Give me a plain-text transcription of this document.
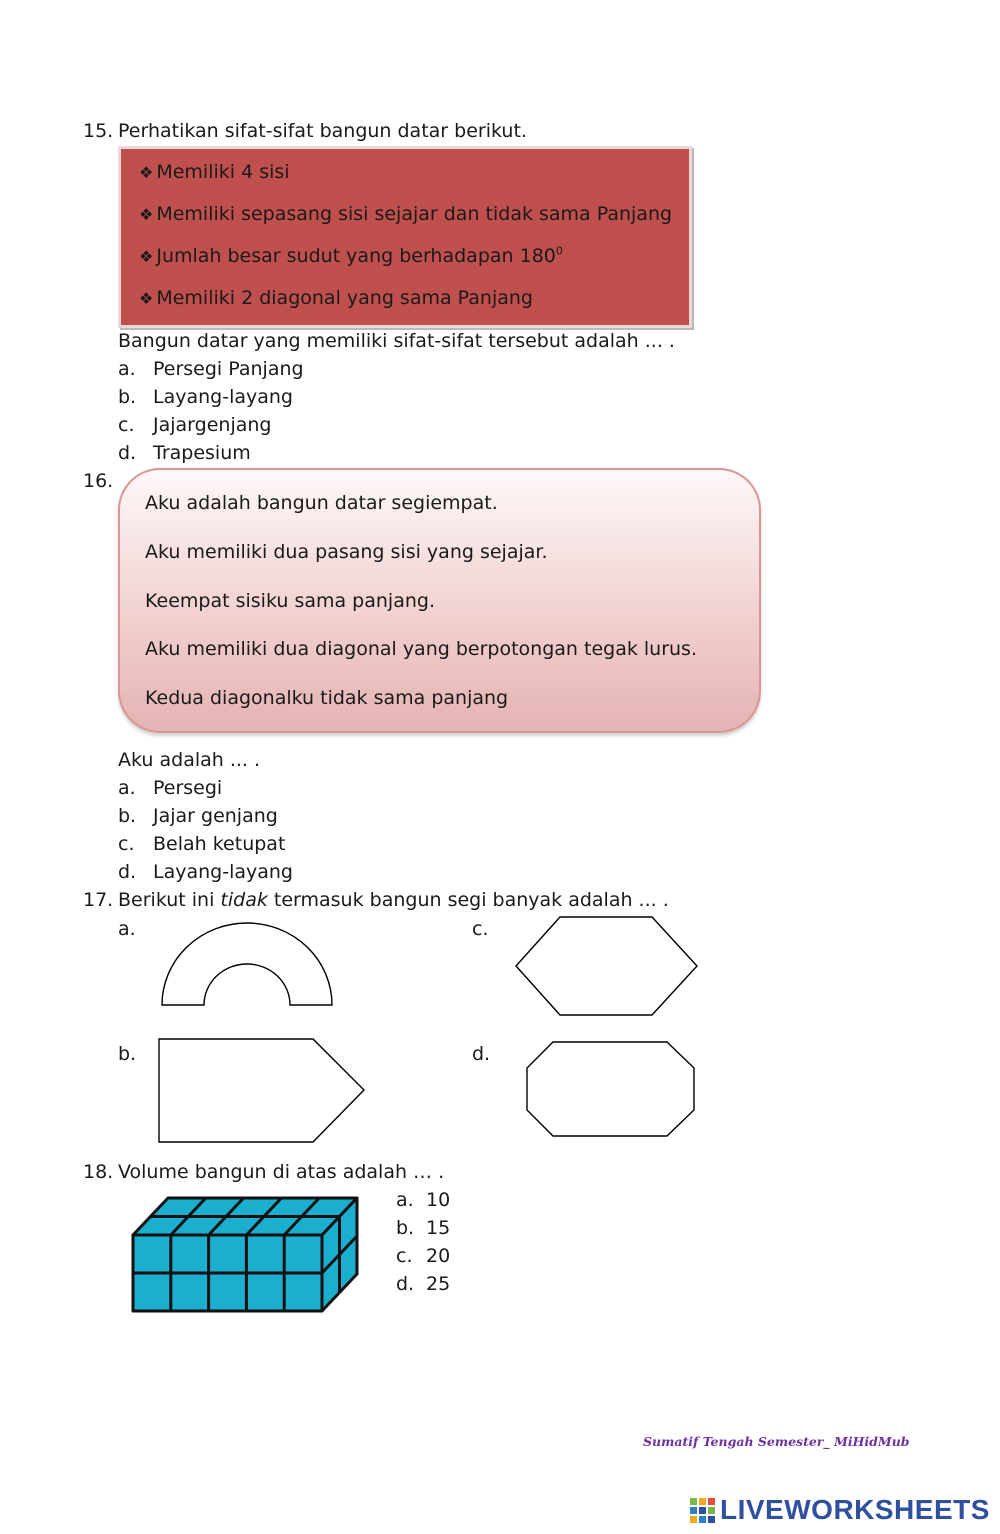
15. Perhatikan sifat-sifat bangun datar berikut.
❖ Memiliki 4 sisi
❖ Memiliki sepasang sisi sejajar dan tidak sama Panjang
❖ Jumlah besar sudut yang berhadapan $180^0$
❖ Memiliki 2 diagonal yang sama Panjang
Bangun datar yang memiliki sifat-sifat tersebut adalah ... .
a. Persegi Panjang
b. Layang-layang
c. Jajargenjang
d. Trapesium
16.
Aku adalah bangun datar segiempat.
Aku memiliki dua pasang sisi yang sejajar.
Keempat sisiku sama panjang.
Aku memiliki dua diagonal yang berpotongan tegak lurus.
Kedua diagonalku tidak sama panjang
Aku adalah ... .
a. Persegi
b. Jajar genjang
c. Belah ketupat
d. Layang-layang
17. Berikut ini tidak termasuk bangun segi banyak adalah ... .
a.
b.
c.
d.
18. Volume bangun di atas adalah … .
a. 10
b. 15
c. 20
d. 25
Sumatif Tengah Semester_ MiHidMub
LIVEWORKSHEETS
